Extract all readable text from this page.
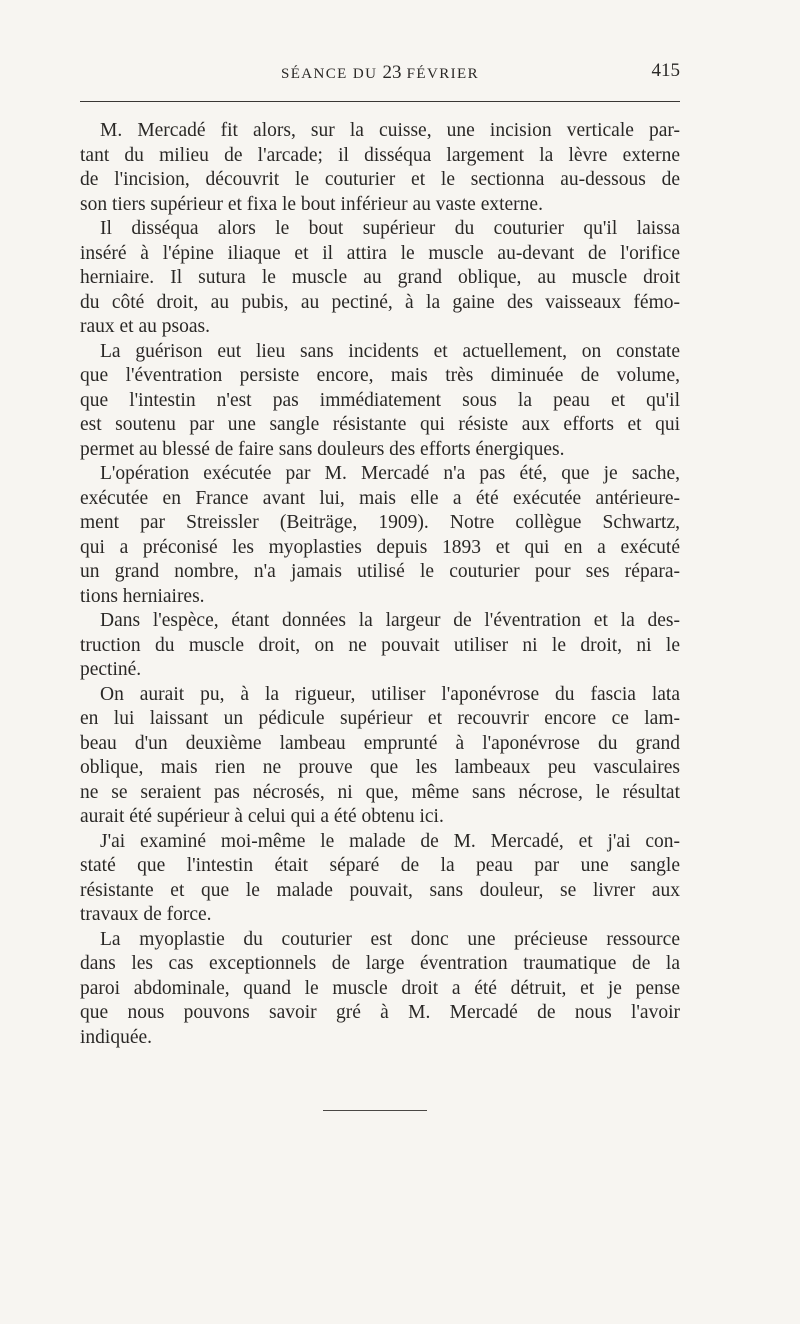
SÉANCE DU 23 FÉVRIER	415
M. Mercadé fit alors, sur la cuisse, une incision verticale par-
tant du milieu de l'arcade; il disséqua largement la lèvre externe
de l'incision, découvrit le couturier et le sectionna au-dessous de
son tiers supérieur et fixa le bout inférieur au vaste externe.
Il disséqua alors le bout supérieur du couturier qu'il laissa
inséré à l'épine iliaque et il attira le muscle au-devant de l'orifice
herniaire. Il sutura le muscle au grand oblique, au muscle droit
du côté droit, au pubis, au pectiné, à la gaine des vaisseaux fémo-
raux et au psoas.
La guérison eut lieu sans incidents et actuellement, on constate
que l'éventration persiste encore, mais très diminuée de volume,
que l'intestin n'est pas immédiatement sous la peau et qu'il
est soutenu par une sangle résistante qui résiste aux efforts et qui
permet au blessé de faire sans douleurs des efforts énergiques.
L'opération exécutée par M. Mercadé n'a pas été, que je sache,
exécutée en France avant lui, mais elle a été exécutée antérieure-
ment par Streissler (Beiträge, 1909). Notre collègue Schwartz,
qui a préconisé les myoplasties depuis 1893 et qui en a exécuté
un grand nombre, n'a jamais utilisé le couturier pour ses répara-
tions herniaires.
Dans l'espèce, étant données la largeur de l'éventration et la des-
truction du muscle droit, on ne pouvait utiliser ni le droit, ni le
pectiné.
On aurait pu, à la rigueur, utiliser l'aponévrose du fascia lata
en lui laissant un pédicule supérieur et recouvrir encore ce lam-
beau d'un deuxième lambeau emprunté à l'aponévrose du grand
oblique, mais rien ne prouve que les lambeaux peu vasculaires
ne se seraient pas nécrosés, ni que, même sans nécrose, le résultat
aurait été supérieur à celui qui a été obtenu ici.
J'ai examiné moi-même le malade de M. Mercadé, et j'ai con-
staté que l'intestin était séparé de la peau par une sangle
résistante et que le malade pouvait, sans douleur, se livrer aux
travaux de force.
La myoplastie du couturier est donc une précieuse ressource
dans les cas exceptionnels de large éventration traumatique de la
paroi abdominale, quand le muscle droit a été détruit, et je pense
que nous pouvons savoir gré à M. Mercadé de nous l'avoir
indiquée.
